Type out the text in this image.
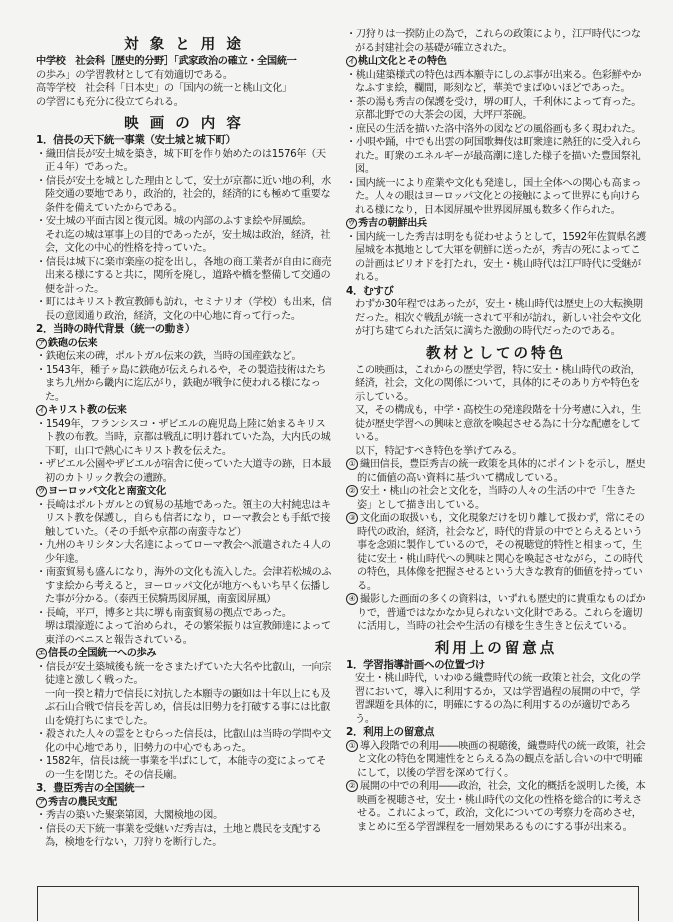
対 象 と 用 途

中学校　社会科［歴史的分野］「武家政治の確立・全国統一

の歩み」の学習教材として有効適切である。

高等学校　社会科「日本史」の「国内の統一と桃山文化」

の学習にも充分に役立てられる。

映 画 の 内 容

1．信長の天下統一事業（安土城と城下町）

・ 織田信長が安土城を築き，城下町を作り始めたのは1576年（天正４年）であった。

・ 信長が安土を城とした理由として，安土が京都に近い地の利，水陸交通の要地であり，政治的，社会的，経済的にも極めて重要な条件を備えていたからである。

・ 安土城の平面古図と復元図。城の内部のふすま絵や屏風絵。

それ迄の城は軍事上の目的であったが，安土城は政治，経済，社会，文化の中心的性格を持っていた。

・ 信長は城下に楽市楽座の掟を出し，各地の商工業者が自由に商売出来る様にすると共に，関所を廃し，道路や橋を整備して交通の便を計った。

・ 町にはキリスト教宣教師も訪れ，セミナリオ（学校）も出来，信長の意図通り政治，経済，文化の中心地に育って行った。

2．当時の時代背景（統一の動き）

ア 鉄砲の伝来

・ 鉄砲伝来の碑，ポルトガル伝来の鉄，当時の国産鉄など。

・ 1543年，種子ヶ島に鉄砲が伝えられるや，その製造技術はたちまち九州から畿内に迄広がり，鉄砲が戦争に使われる様になった。

イ キリスト教の伝来

・ 1549年，フランシスコ・ザビエルの鹿児島上陸に始まるキリスト教の布教。当時，京都は戦乱に明け暮れていた為，大内氏の城下町，山口で熱心にキリスト教を伝えた。

・ ザビエル公園やザビエルが宿舎に使っていた大道寺の跡，日本最初のカトリック教会の遺跡。

ウ ヨーロッパ文化と南蛮文化

・ 長崎はポルトガルとの貿易の基地であった。領主の大村純忠はキリスト教を保護し，自らも信者になり，ローマ教会とも手紙で接触していた。（その手紙や京都の南蛮寺など）

・ 九州のキリシタン大名達によってローマ教会へ派遣された４人の少年達。

・ 南蛮貿易も盛んになり，海外の文化も流入した。会津若松城のふすま絵から考えると，ヨーロッパ文化が地方へもいち早く伝播した事が分かる。（泰西王侯騎馬図屏風，南蛮図屏風）

・ 長崎，平戸，博多と共に堺も南蛮貿易の拠点であった。

堺は環濠遊によって治められ，その繁栄振りは宣教師達によって東洋のベニスと報告されている。

エ 信長の全国統一への歩み

・ 信長が安土築城後も統一をさまたげていた大名や比叡山，一向宗徒達と激しく戦った。

一向一揆と精力で信長に対抗した本願寺の顕如は十年以上にも及ぶ石山合戦で信長を苦しめ，信長は旧勢力を打破する事には比叡山を焼打ちにまでした。

・ 殺された人々の霊をとむらった信長は，比叡山は当時の学問や文化の中心地であり，旧勢力の中心でもあった。

・ 1582年，信長は統一事業を半ばにして，本能寺の変によってその一生を閉じた。その信長廟。

3．豊臣秀吉の全国統一

ア 秀吉の農民支配

・ 秀吉の築いた聚楽第図，大閣検地の図。

・ 信長の天下統一事業を受継いだ秀吉は，土地と農民を支配する為，検地を行ない，刀狩りを断行した。

・ 刀狩りは一揆防止の為で，これらの政策により，江戸時代につながる封建社会の基礎が確立された。

イ 桃山文化とその特色

・ 桃山建築様式の特色は西本願寺にしのぶ事が出来る。色彩鮮やかなふすま絵，欄間，彫刻など，華美でまばゆいほどであった。

・ 茶の湯も秀吉の保護を受け，堺の町人，千利休によって育った。京都北野での大茶会の図，大坪戸茶碗。

・ 庶民の生活を描いた洛中洛外の図などの風俗画も多く現われた。

・ 小唄や踊，中でも出雲の阿国歌舞伎は町衆達に熱狂的に受入れられた。町衆のエネルギーが最高潮に達した様子を描いた豊国祭礼図。

・ 国内統一により産業や文化も発達し，国土全体への関心も高まった。人々の眼はヨーロッパ文化との接触によって世界にも向けられる様になり，日本図屏風や世界図屏風も数多く作られた。

ウ 秀吉の朝鮮出兵

・ 国内統一した秀吉は明をも従わせようとして，1592年佐賀県名護屋城を本拠地として大軍を朝鮮に送ったが，秀吉の死によってこの計画はピリオドを打たれ，安土・桃山時代は江戸時代に受継がれる。

4．むすび

わずか30年程ではあったが，安土・桃山時代は歴史上の大転換期だった。相次ぐ戦乱が統一されて平和が訪れ，新しい社会や文化が打ち建てられた活気に満ちた激動の時代だったのである。

教材としての特色

この映画は，これからの歴史学習，特に安土・桃山時代の政治，経済，社会，文化の関係について，具体的にそのあり方や特色を示している。

又，その構成も，中学・高校生の発達段階を十分考慮に入れ，生徒が歴史学習への興味と意欲を喚起させる為に十分な配慮をしている。

以下，特記すべき特色を挙げてみる。

① 織田信長，豊臣秀吉の統一政策を具体的にポイントを示し，歴史的に価値の高い資料に基づいて構成している。

② 安土・桃山の社会と文化を，当時の人々の生活の中で「生きた姿」として描き出している。

③ 文化面の取扱いも，文化現象だけを切り離して扱わず，常にその時代の政治，経済，社会など，時代的背景の中でとらえるという事を念頭に製作しているので，その視聴覚的特性と相まって，生徒に安土・桃山時代への興味と関心を喚起させながら，この時代の特色，具体像を把握させるという大きな教育的価値を持っている。

④ 撮影した画面の多くの資料は，いずれも歴史的に貴重なものばかりで，普通ではなかなか見られない文化財である。これらを適切に活用し，当時の社会や生活の有様を生き生きと伝えている。

利用上の留意点

1．学習指導計画への位置づけ

安土・桃山時代，いわゆる織豊時代の統一政策と社会，文化の学習において，導入に利用するか，又は学習過程の展開の中で，学習課題を具体的に，明確にするの為に利用するのが適切であろう。

2．利用上の留意点

① 導入段階での利用――映画の視聴後，織豊時代の統一政策，社会と文化の特色を関連性をとらえる為の観点を話し合いの中で明確にして，以後の学習を深めて行く。

② 展開の中での利用――政治，社会，文化的概括を説明した後，本映画を視聴させ，安土・桃山時代の文化の性格を総合的に考えさせる。これによって，政治，文化についての考察力を高めさせ，まとめに至る学習課程を一層効果あるものにする事が出来る。
